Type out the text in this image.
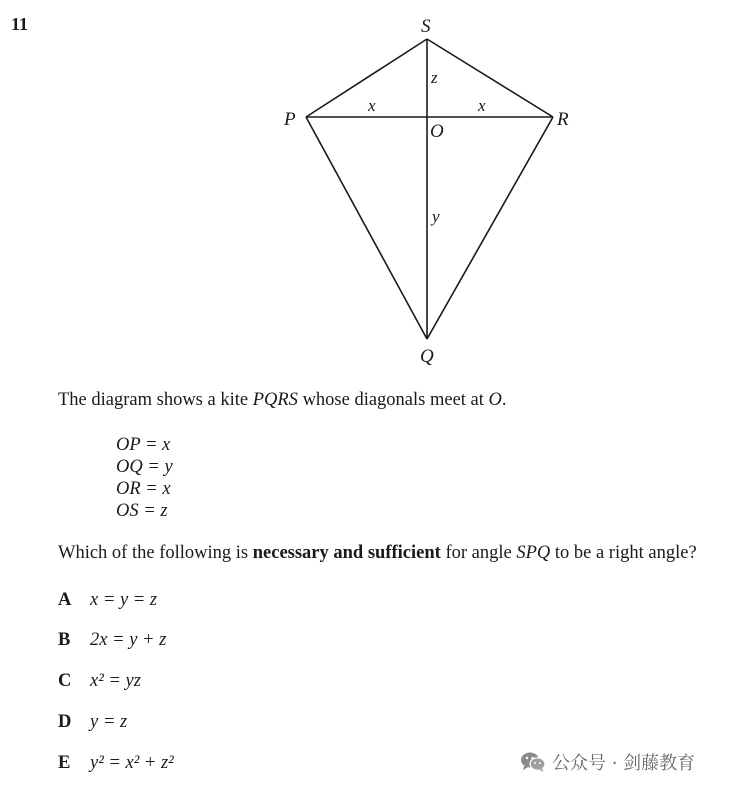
11	S
P	R
Q
O
x	x
z
y
The diagram shows a kite PQRS whose diagonals meet at O.
OP = x
OQ = y
OR = x
OS = z
Which of the following is necessary and sufficient for angle SPQ to be a right angle?
A x = y = z
B 2x = y + z
C x² = yz
D y = z
E y² = x² + z²	公众号 · 剑藤教育
